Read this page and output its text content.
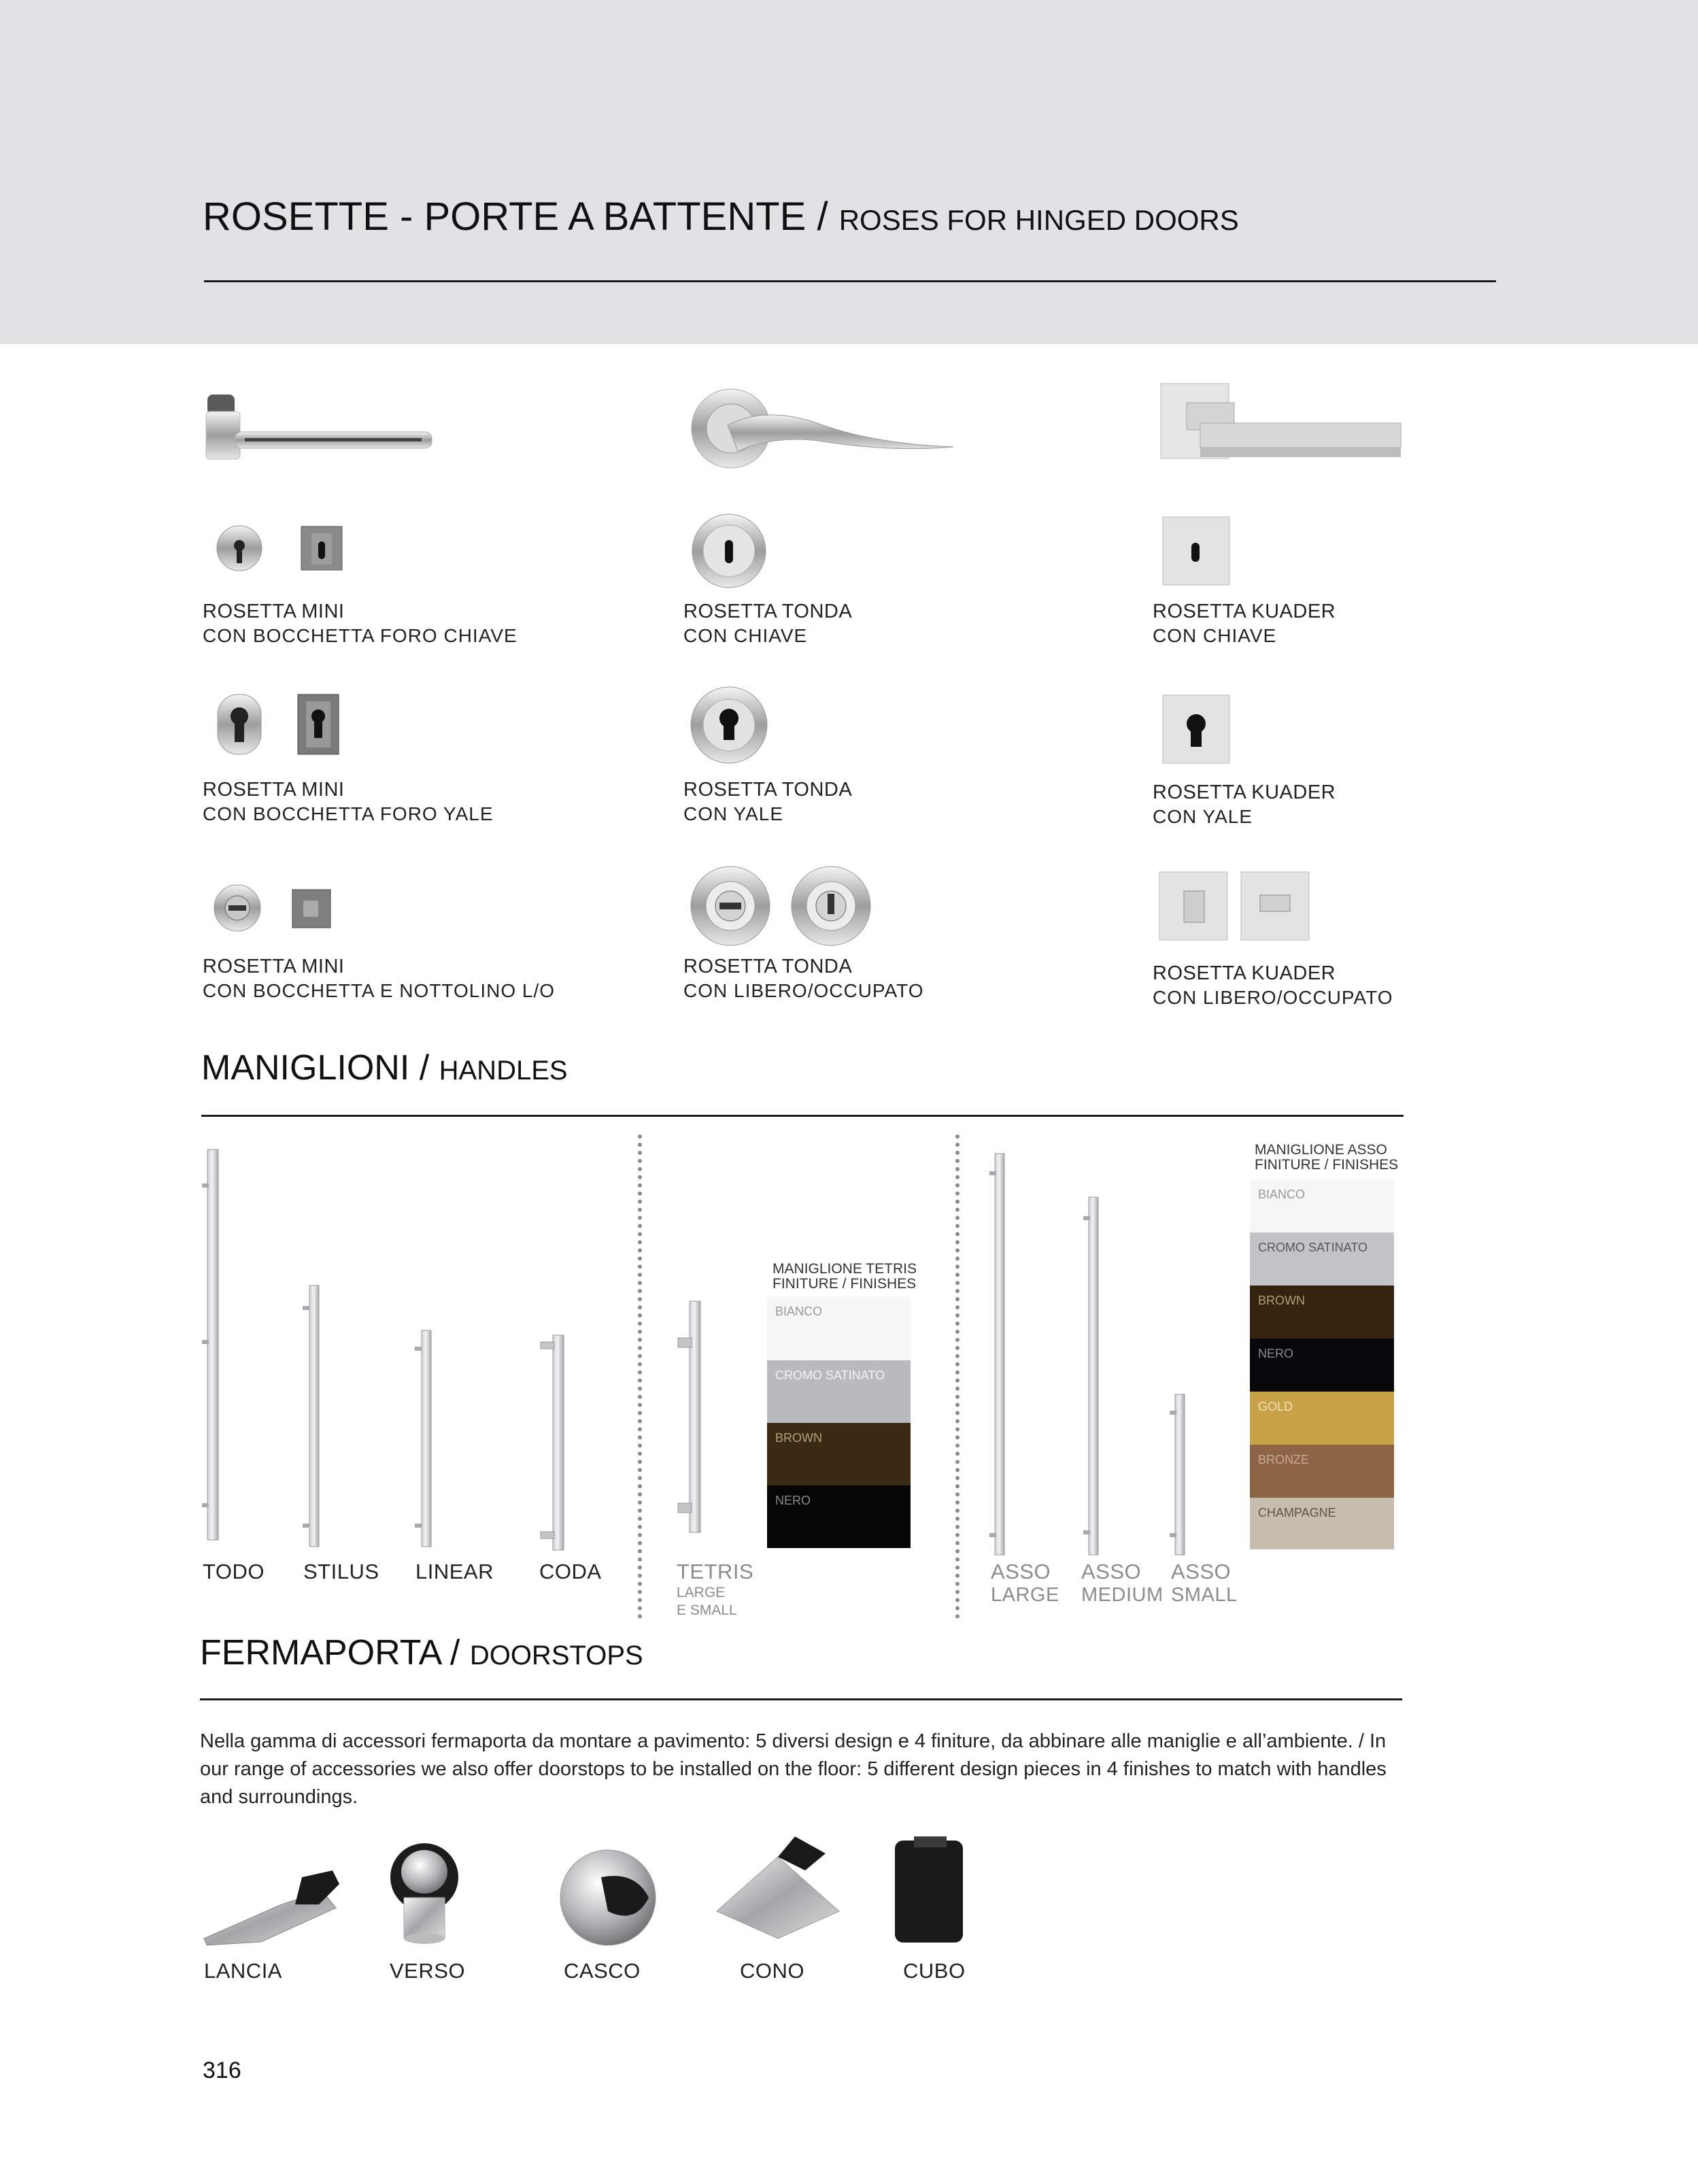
ROSETTE - PORTE A BATTENTE / ROSES FOR HINGED DOORS
ROSETTA MINI
CON BOCCHETTA FORO CHIAVE
ROSETTA TONDA
CON CHIAVE
ROSETTA KUADER
CON CHIAVE
ROSETTA MINI
CON BOCCHETTA FORO YALE
ROSETTA TONDA
CON YALE
ROSETTA KUADER
CON YALE
ROSETTA MINI
CON BOCCHETTA E NOTTOLINO L/O
ROSETTA TONDA
CON LIBERO/OCCUPATO
ROSETTA KUADER
CON LIBERO/OCCUPATO
MANIGLIONI / HANDLES
MANIGLIONE TETRIS
FINITURE / FINISHES
BIANCO
CROMO SATINATO
BROWN
NERO
MANIGLIONE ASSO
FINITURE / FINISHES
BIANCO
CROMO SATINATO
BROWN
NERO
GOLD
BRONZE
CHAMPAGNE
TODO STILUS LINEAR CODA	TETRIS
LARGE
E SMALL
ASSO
LARGE
ASSO
MEDIUM
ASSO
SMALL
FERMAPORTA / DOORSTOPS
Nella gamma di accessori fermaporta da montare a pavimento: 5 diversi design e 4 finiture, da abbinare alle maniglie e all’ambiente. / In our range of accessories we also offer doorstops to be installed on the floor: 5 different design pieces in 4 finishes to match with handles and surroundings.
LANCIA	VERSO	CASCO	CONO	CUBO
316
